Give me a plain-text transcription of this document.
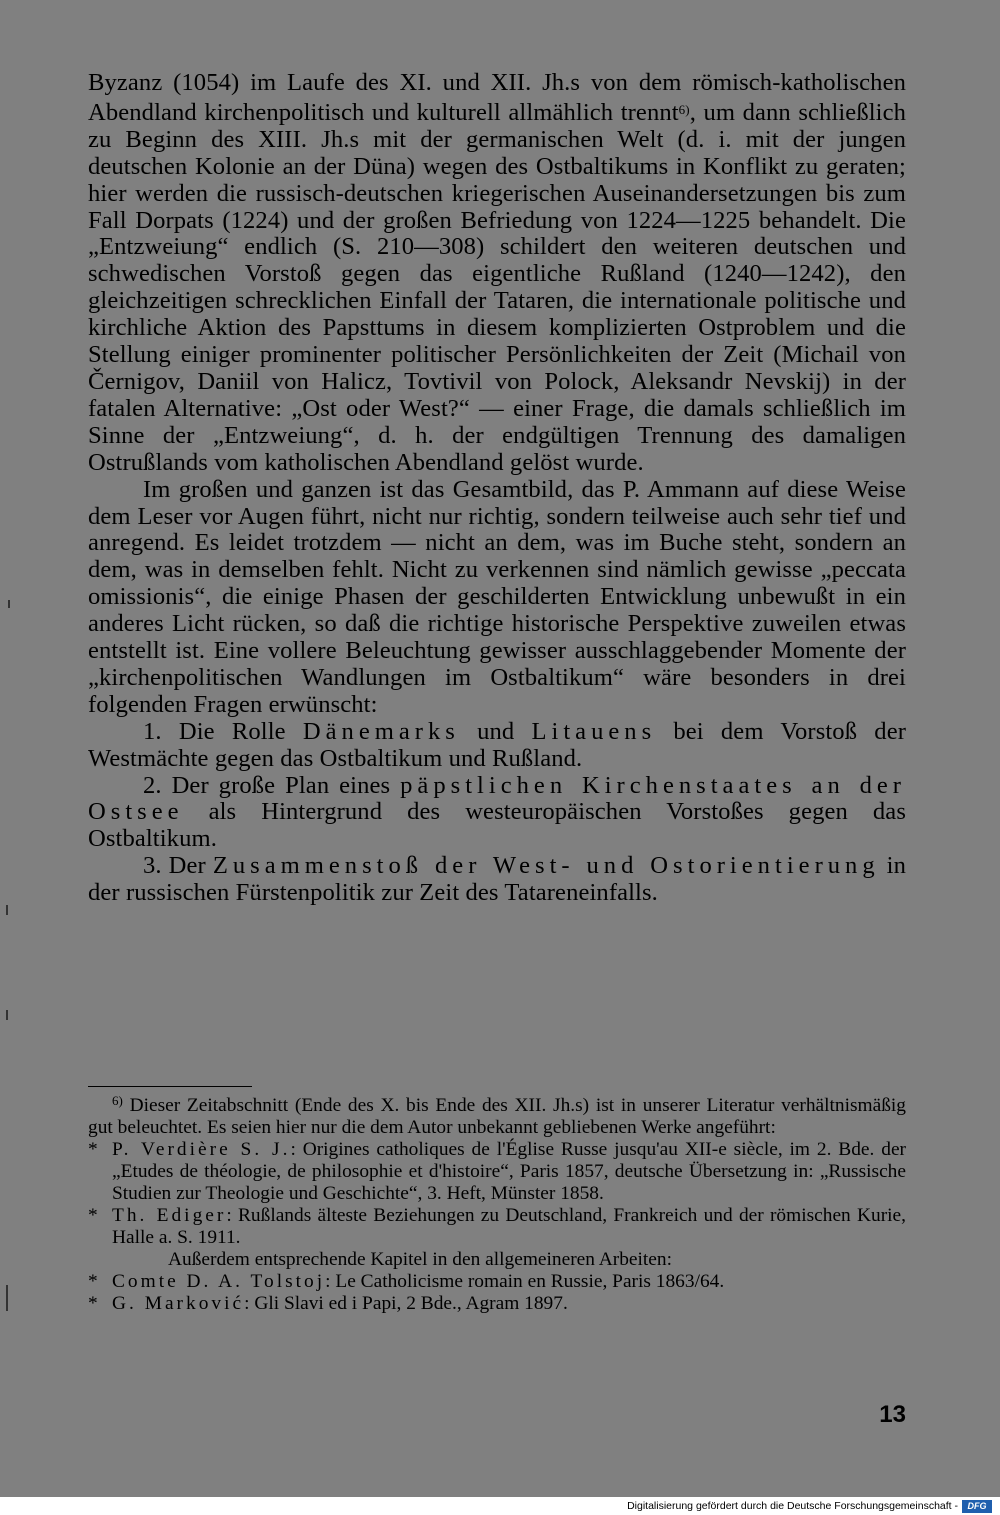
Byzanz (1054) im Laufe des XI. und XII. Jh.s von dem römisch-katholischen Abendland kirchenpolitisch und kulturell allmählich trennt$^{6)}$, um dann schließlich zu Beginn des XIII. Jh.s mit der germanischen Welt (d. i. mit der jungen deutschen Kolonie an der Düna) wegen des Ostbaltikums in Konflikt zu geraten; hier werden die russisch-deutschen kriegerischen Auseinandersetzungen bis zum Fall Dorpats (1224) und der großen Befriedung von 1224—1225 behandelt. Die „Entzweiung“ endlich (S. 210—308) schildert den weiteren deutschen und schwedischen Vorstoß gegen das eigentliche Rußland (1240—1242), den gleichzeitigen schrecklichen Einfall der Tataren, die internationale politische und kirchliche Aktion des Papsttums in diesem komplizierten Ostproblem und die Stellung einiger prominenter politischer Persönlichkeiten der Zeit (Michail von Černigov, Daniil von Halicz, Tovtivil von Polock, Aleksandr Nevskij) in der fatalen Alternative: „Ost oder West?“ — einer Frage, die damals schließlich im Sinne der „Entzweiung“, d. h. der endgültigen Trennung des damaligen Ostrußlands vom katholischen Abendland gelöst wurde.

Im großen und ganzen ist das Gesamtbild, das P. Ammann auf diese Weise dem Leser vor Augen führt, nicht nur richtig, sondern teilweise auch sehr tief und anregend. Es leidet trotzdem — nicht an dem, was im Buche steht, sondern an dem, was in demselben fehlt. Nicht zu verkennen sind nämlich gewisse „peccata omissionis“, die einige Phasen der geschilderten Entwicklung unbewußt in ein anderes Licht rücken, so daß die richtige historische Perspektive zuweilen etwas entstellt ist. Eine vollere Beleuchtung gewisser ausschlaggebender Momente der „kirchenpolitischen Wandlungen im Ostbaltikum“ wäre besonders in drei folgenden Fragen erwünscht:

1. Die Rolle Dänemarks und Litauens bei dem Vorstoß der Westmächte gegen das Ostbaltikum und Rußland.

2. Der große Plan eines päpstlichen Kirchenstaates an der Ostsee als Hintergrund des westeuropäischen Vorstoßes gegen das Ostbaltikum.

3. Der Zusammenstoß der West- und Ostorientierung in der russischen Fürstenpolitik zur Zeit des Tatareneinfalls.

$^{6)}$ Dieser Zeitabschnitt (Ende des X. bis Ende des XII. Jh.s) ist in unserer Literatur verhältnismäßig gut beleuchtet. Es seien hier nur die dem Autor unbekannt gebliebenen Werke angeführt:

* P. Verdière S. J.: Origines catholiques de l'Église Russe jusqu'au XII-e siècle, im 2. Bde. der „Etudes de théologie, de philosophie et d'histoire“, Paris 1857, deutsche Übersetzung in: „Russische Studien zur Theologie und Geschichte“, 3. Heft, Münster 1858.

* Th. Ediger: Rußlands älteste Beziehungen zu Deutschland, Frankreich und der römischen Kurie, Halle a. S. 1911.

Außerdem entsprechende Kapitel in den allgemeineren Arbeiten:

* Comte D. A. Tolstoj: Le Catholicisme romain en Russie, Paris 1863/64.

* G. Marković: Gli Slavi ed i Papi, 2 Bde., Agram 1897.

13
Digitalisierung gefördert durch die Deutsche Forschungsgemeinschaft -	DFG
